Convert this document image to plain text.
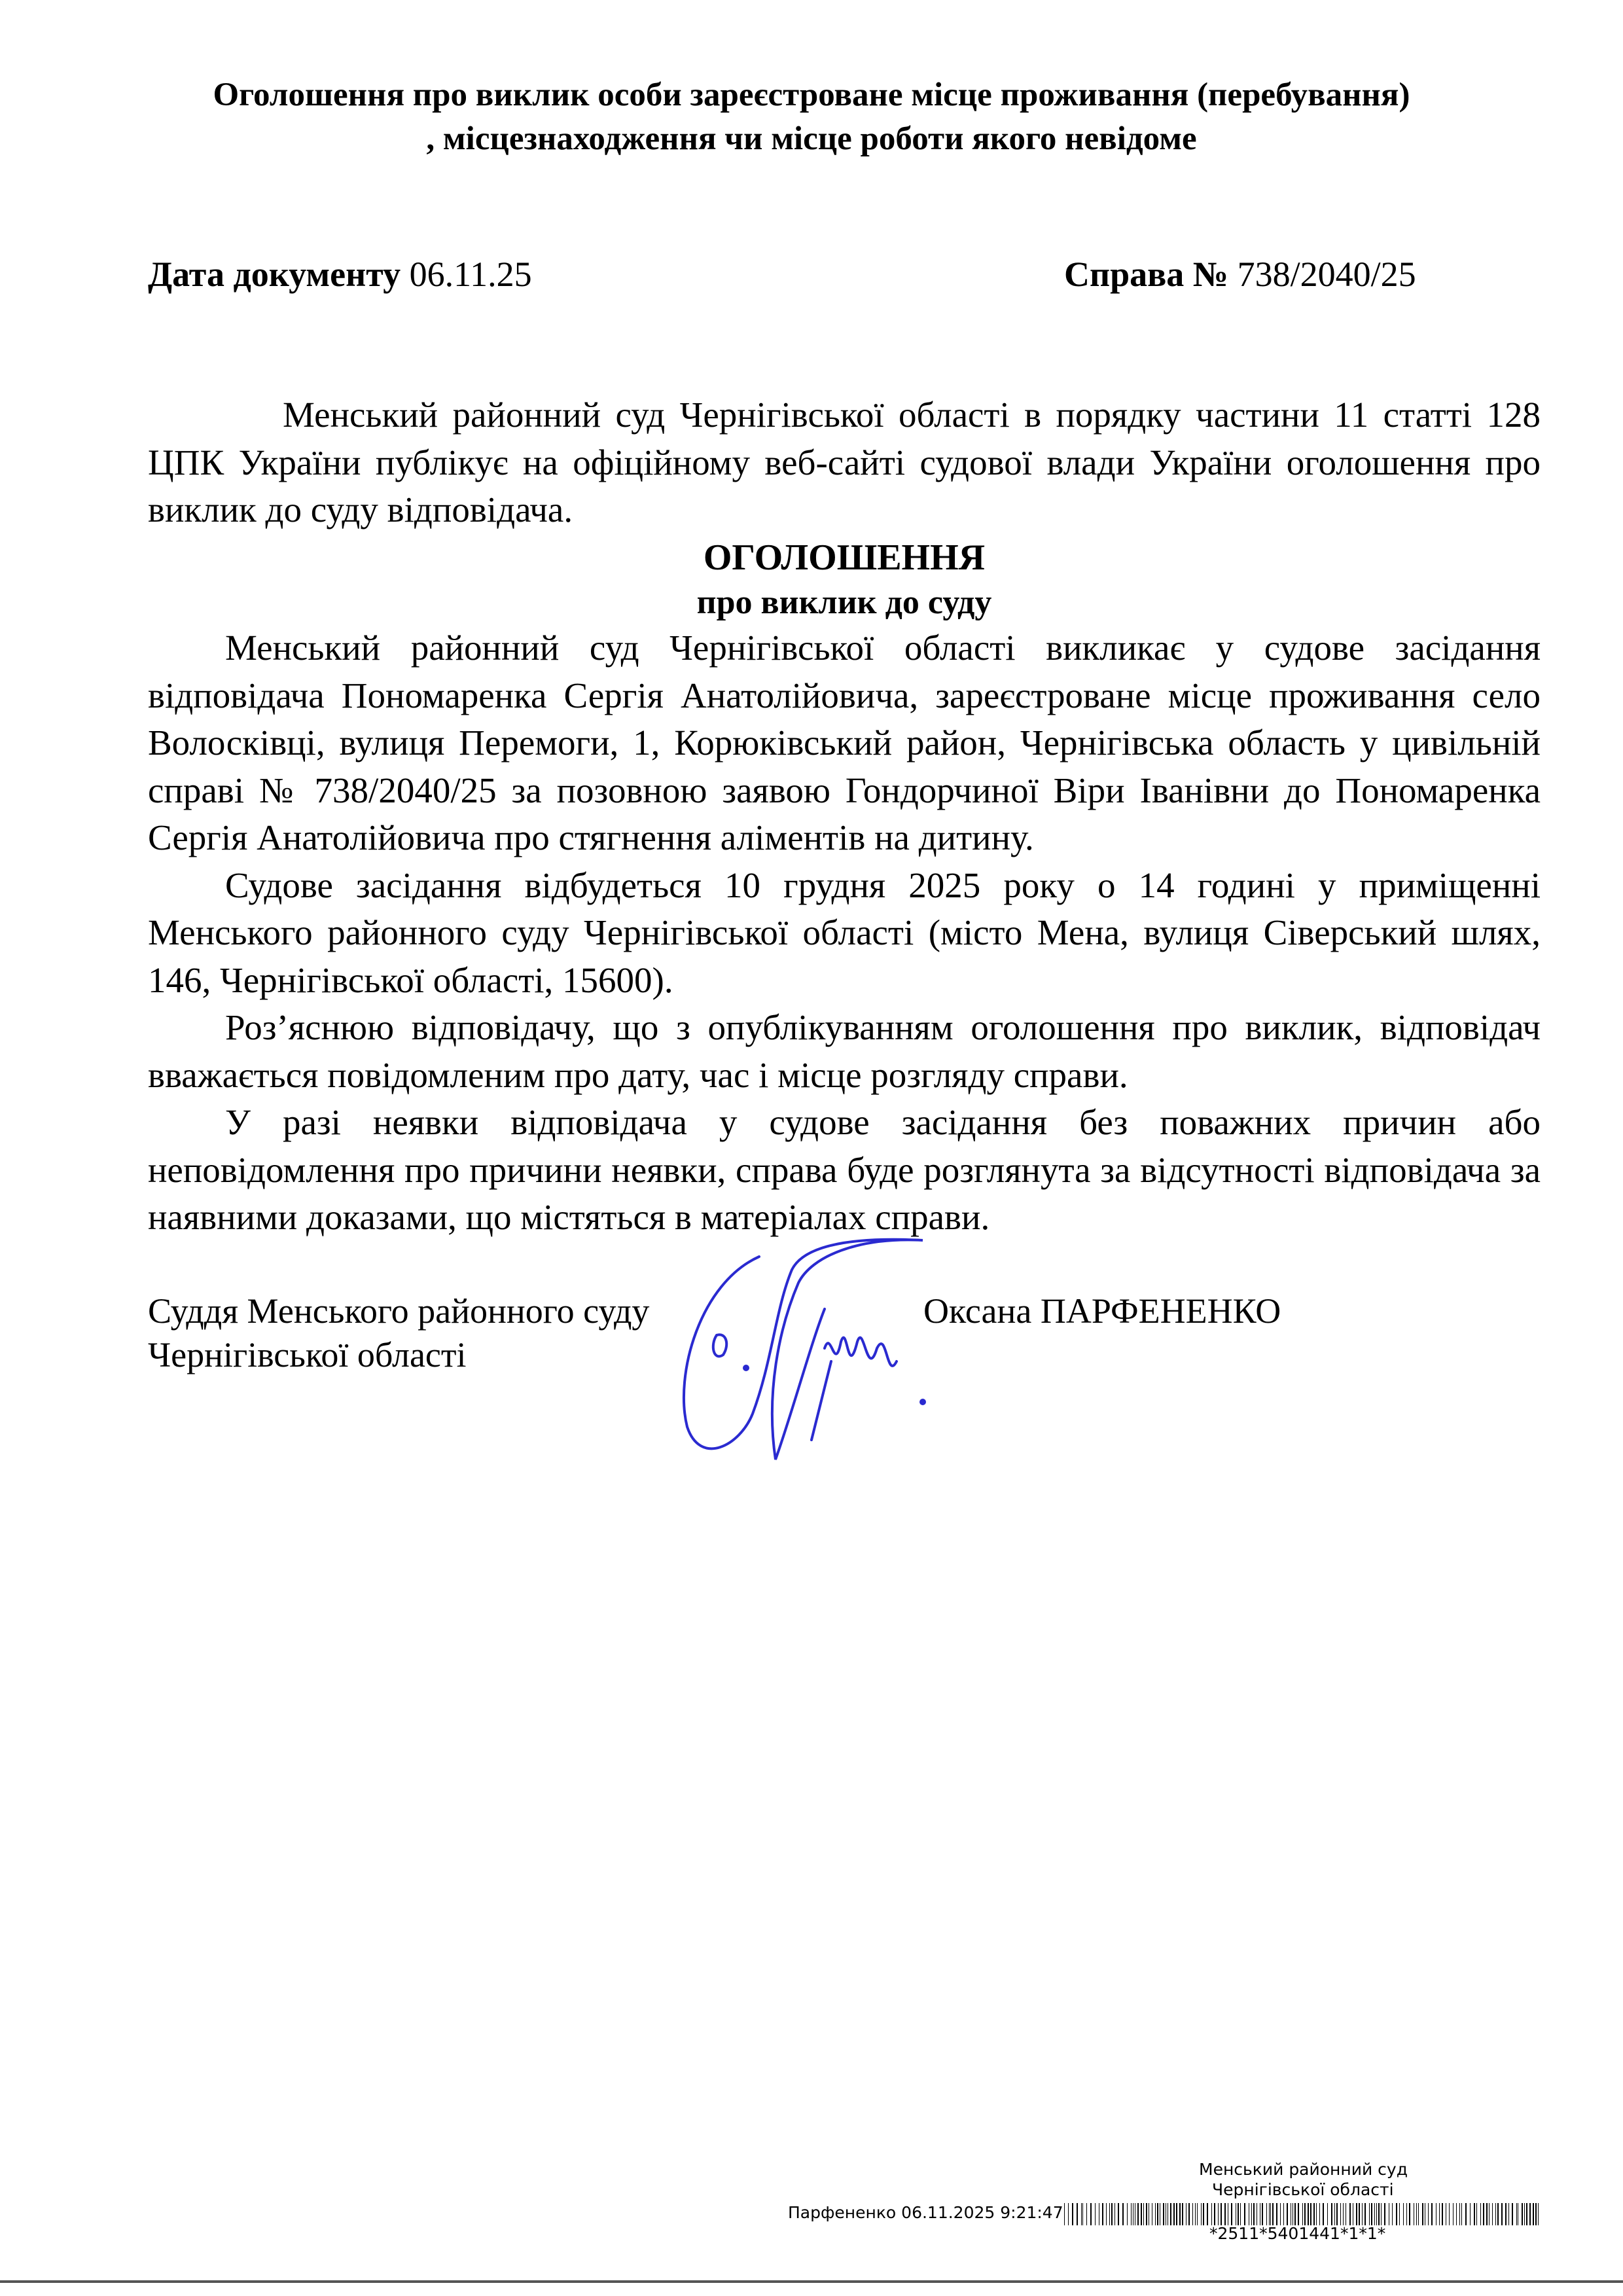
Оголошення про виклик особи зареєстроване місце проживання (перебування)
, місцезнаходження чи місце роботи якого невідоме
Дата документу 06.11.25	Справа № 738/2040/25

Менський районний суд Чернігівської області в порядку частини 11 статті 128 ЦПК України публікує на офіційному веб-сайті судової влади України оголошення про виклик до суду відповідача.

ОГОЛОШЕННЯ

про виклик до суду

Менський районний суд Чернігівської області викликає у судове засідання відповідача Пономаренка Сергія Анатолійовича, зареєстроване місце проживання село Волосківці, вулиця Перемоги, 1, Корюківський район, Чернігівська область у цивільній справі № 738/2040/25 за позовною заявою Гондорчиної Віри Іванівни до Пономаренка Сергія Анатолійовича про стягнення аліментів на дитину.

Судове засідання відбудеться 10 грудня 2025 року о 14 годині у приміщенні Менського районного суду Чернігівської області (місто Мена, вулиця Сіверський шлях, 146, Чернігівської області, 15600).

Роз’яснюю відповідачу, що з опублікуванням оголошення про виклик, відповідач вважається повідомленим про дату, час і місце розгляду справи.

У разі неявки відповідача у судове засідання без поважних причин або неповідомлення про причини неявки, справа буде розглянута за відсутності відповідача за наявними доказами, що містяться в матеріалах справи.

Суддя Менського районного суду
Чернігівської області
Оксана ПАРФЕНЕНКО
Менський районний суд
Чернігівської області
Парфененко 06.11.2025 9:21:47
*2511*5401441*1*1*
